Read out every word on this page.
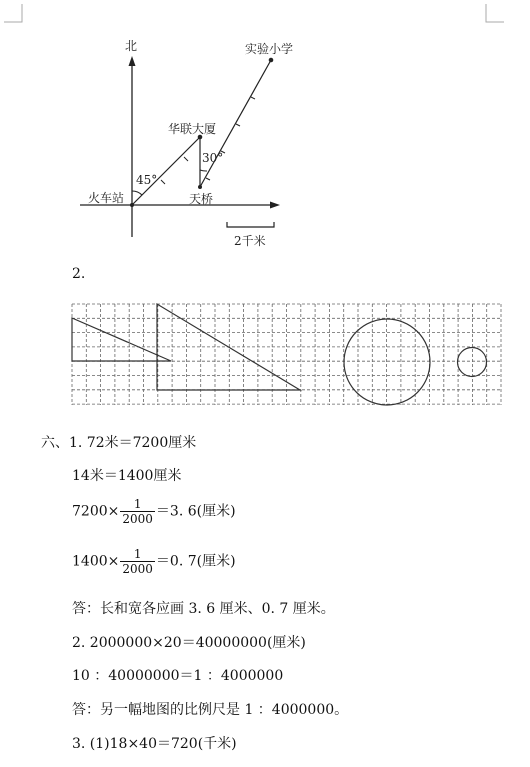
北	实验小学
华联大厦
30°
45°
火车站	天桥
2千米
2.
六、1. 72米＝7200厘米
14米＝1400厘米
$7200\times \frac{1}{2000} =3$. 6(厘米)
$1400\times \frac{1}{2000} =0$. 7(厘米)
答：长和宽各应画 3. 6 厘米、0. 7 厘米。
2. 2000000×20＝40000000(厘米)
10 ：40000000＝1 ：4000000
答：另一幅地图的比例尺是 1 ：4000000。
3. (1)18×40＝720(千米)
